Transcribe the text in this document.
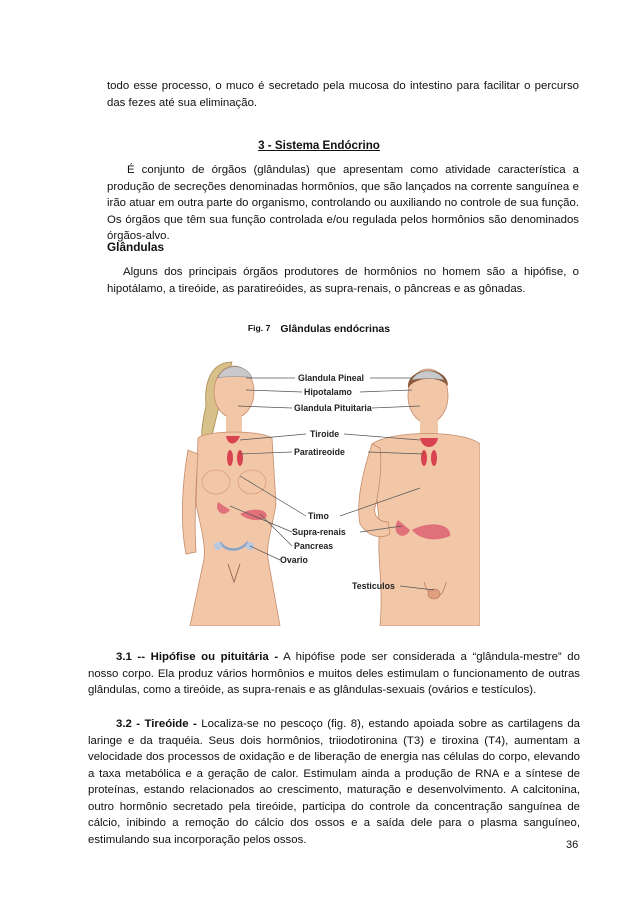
todo esse processo, o muco é secretado pela mucosa do intestino para facilitar o percurso das fezes até sua eliminação.
3 - Sistema Endócrino
É conjunto de órgãos (glândulas) que apresentam como atividade característica a produção de secreções denominadas hormônios, que são lançados na corrente sanguínea e irão atuar em outra parte do organismo, controlando ou auxiliando no controle de sua função. Os órgãos que têm sua função controlada e/ou regulada pelos hormônios são denominados órgãos-alvo.
Glândulas
Alguns dos principais órgãos produtores de hormônios no homem são a hipófise, o hipotálamo, a tireóide, as paratireóides, as supra-renais, o pâncreas e as gônadas.
Fig. 7 Glândulas endócrinas
Glandula Pineal
Hipotalamo
Glandula Pituitaria
Tiroide
Paratireoide
Timo
Supra-renais
Pancreas
Ovario
Testiculos
3.1 -- Hipófise ou pituitária - A hipófise pode ser considerada a “glândula-mestre” do nosso corpo. Ela produz vários hormônios e muitos deles estimulam o funcionamento de outras glândulas, como a tireóide, as supra-renais e as glândulas-sexuais (ovários e testículos).
3.2 - Tireóide - Localiza-se no pescoço (fig. 8), estando apoiada sobre as cartilagens da laringe e da traquéia. Seus dois hormônios, triiodotironina (T3) e tiroxina (T4), aumentam a velocidade dos processos de oxidação e de liberação de energia nas células do corpo, elevando a taxa metabólica e a geração de calor. Estimulam ainda a produção de RNA e a síntese de proteínas, estando relacionados ao crescimento, maturação e desenvolvimento. A calcitonina, outro hormônio secretado pela tireóide, participa do controle da concentração sanguínea de cálcio, inibindo a remoção do cálcio dos ossos e a saída dele para o plasma sanguíneo, estimulando sua incorporação pelos ossos.	36
